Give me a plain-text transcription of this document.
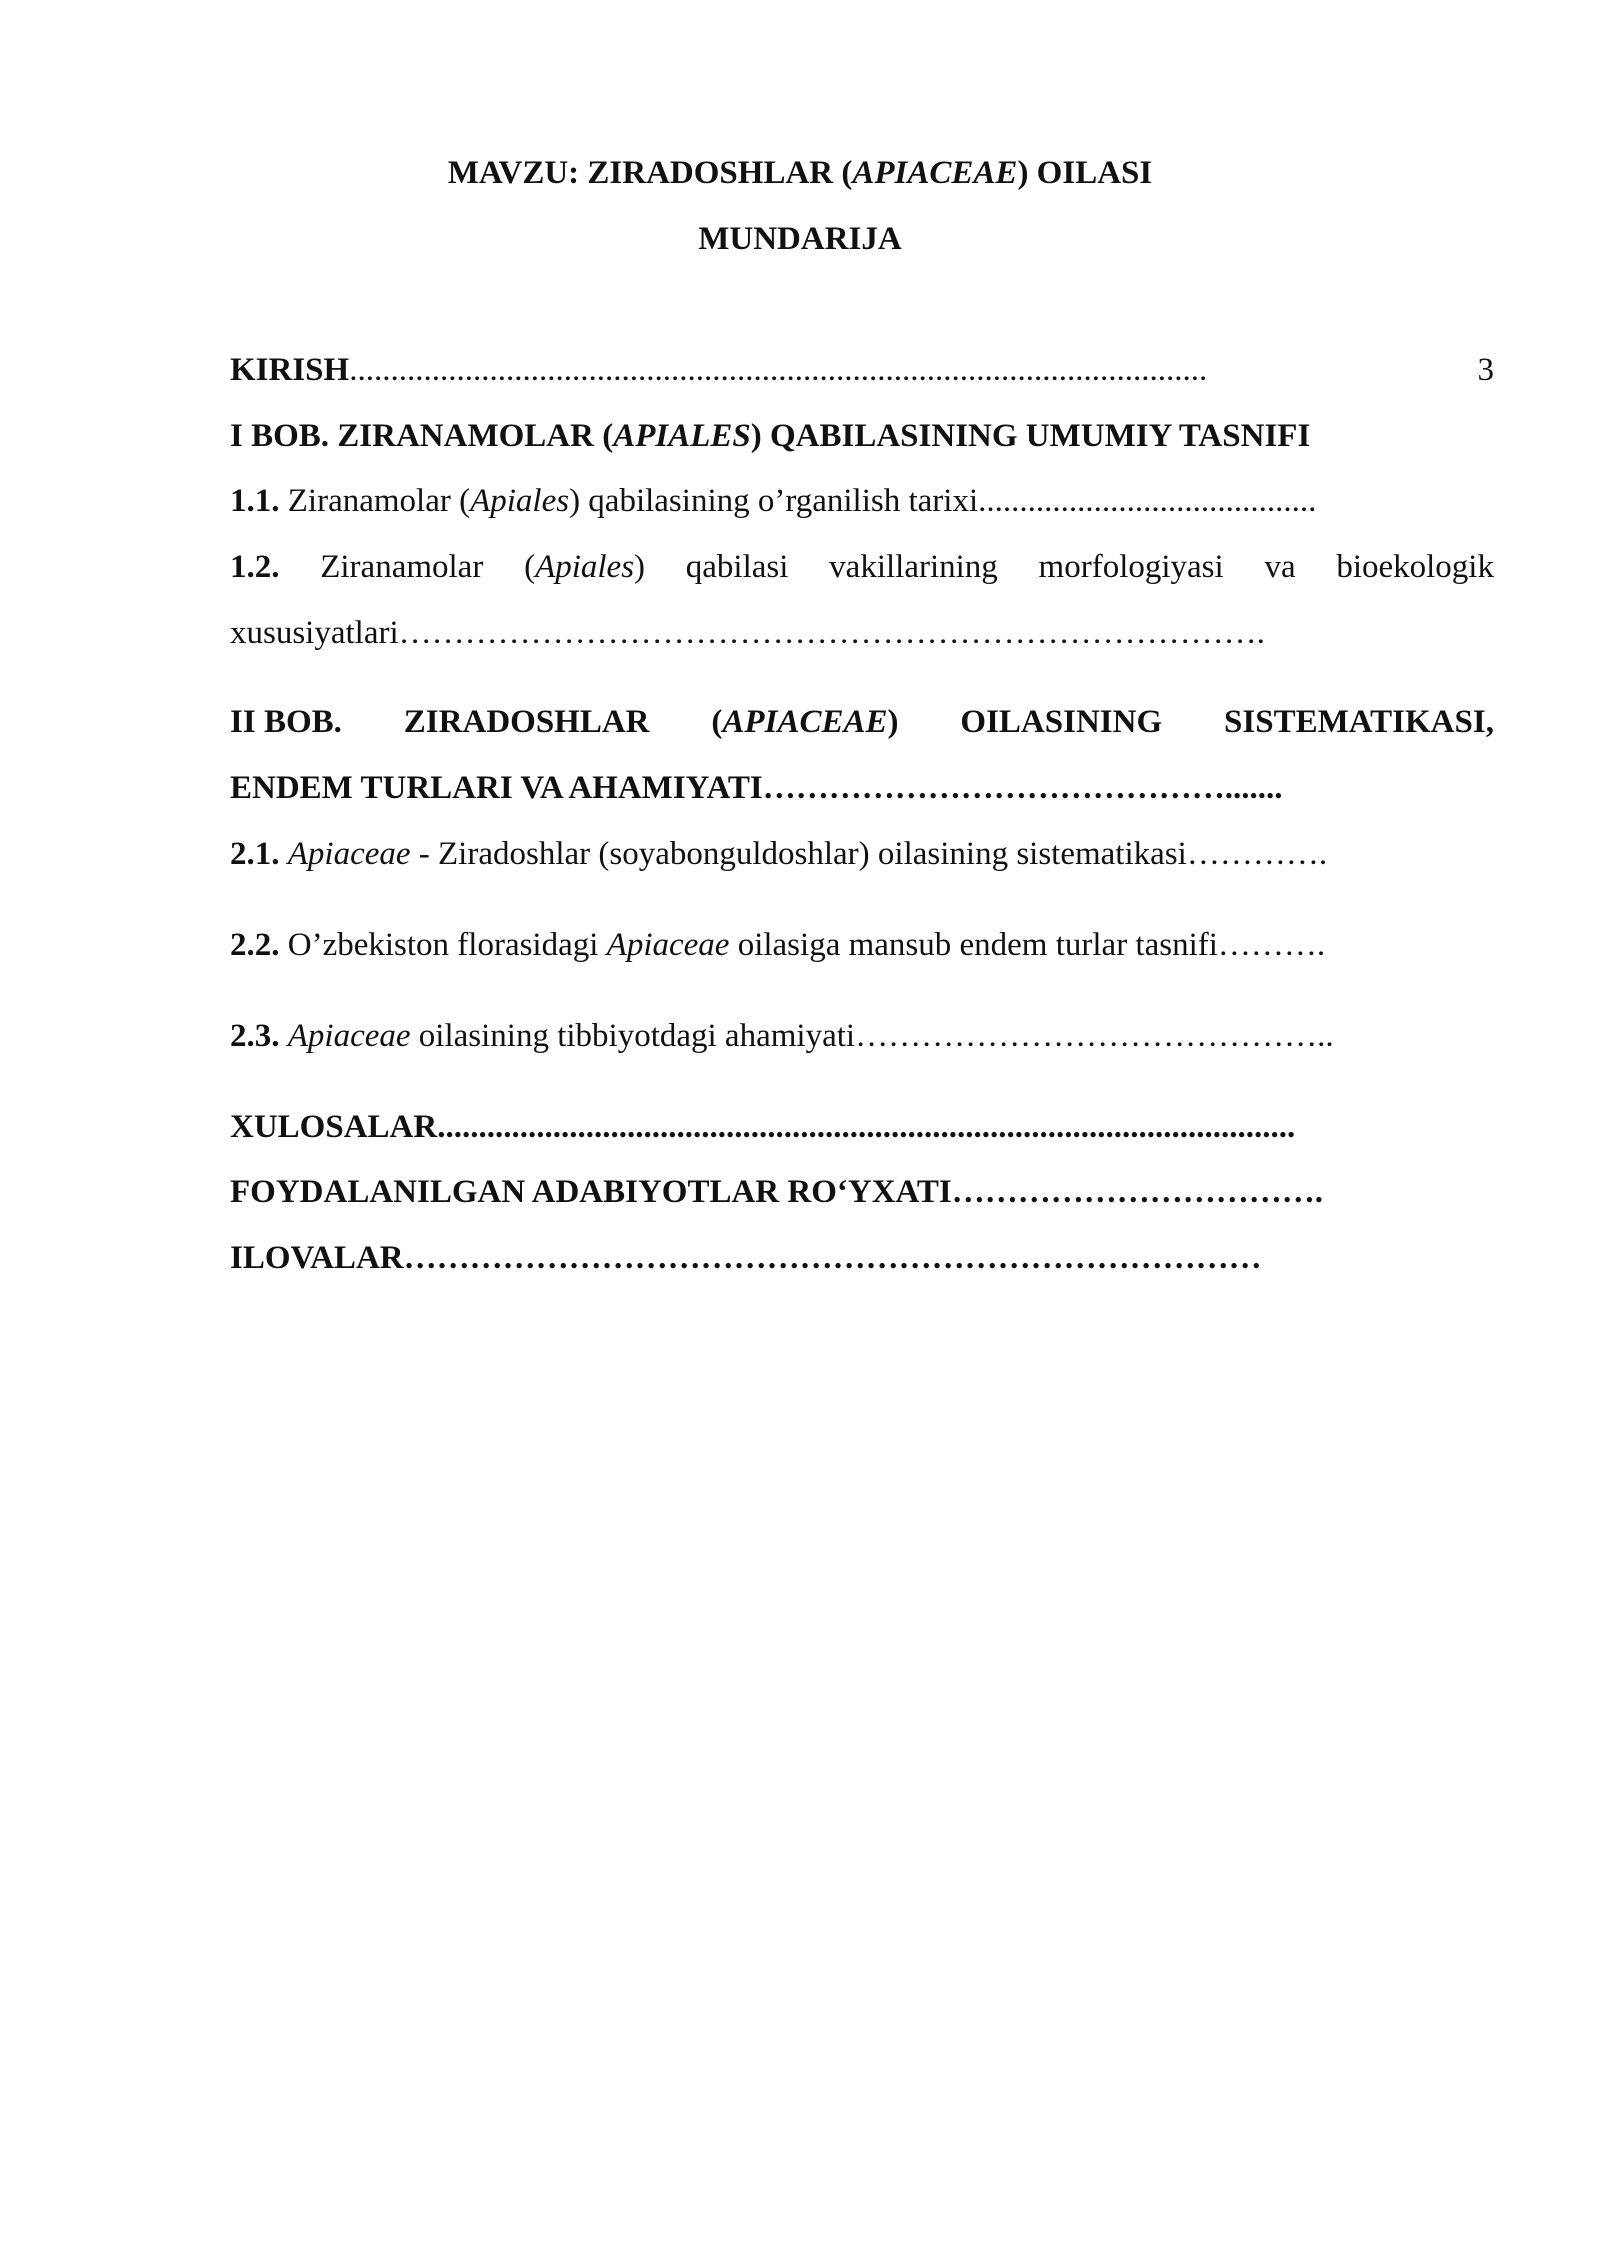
MAVZU: ZIRADOSHLAR (APIACEAE) OILASI
MUNDARIJA
KIRISH ........................................................................................................	3
I BOB. ZIRANAMOLAR (APIALES) QABILASINING UMUMIY TASNIFI
1.1. Ziranamolar (Apiales) qabilasining o’rganilish tarixi.........................................
1.2. Ziranamolar (Apiales) qabilasi vakillarining morfologiyasi va bioekologik
xususiyatlari…………………………………………………………………….
II BOB. ZIRADOSHLAR (APIACEAE) OILASINING SISTEMATIKASI,
ENDEM TURLARI VA AHAMIYATI…………………………………….......
2.1. Apiaceae - Ziradoshlar (soyabonguldoshlar) oilasining sistematikasi………….
2.2. O’zbekiston florasidagi Apiaceae oilasiga mansub endem turlar tasnifi……….
2.3. Apiaceae oilasining tibbiyotdagi ahamiyati……………………………………..
XULOSALAR ........................................................................................................
FOYDALANILGAN ADABIYOTLAR RO‘YXATI…………………………….
ILOVALAR……………………………………………………………………
